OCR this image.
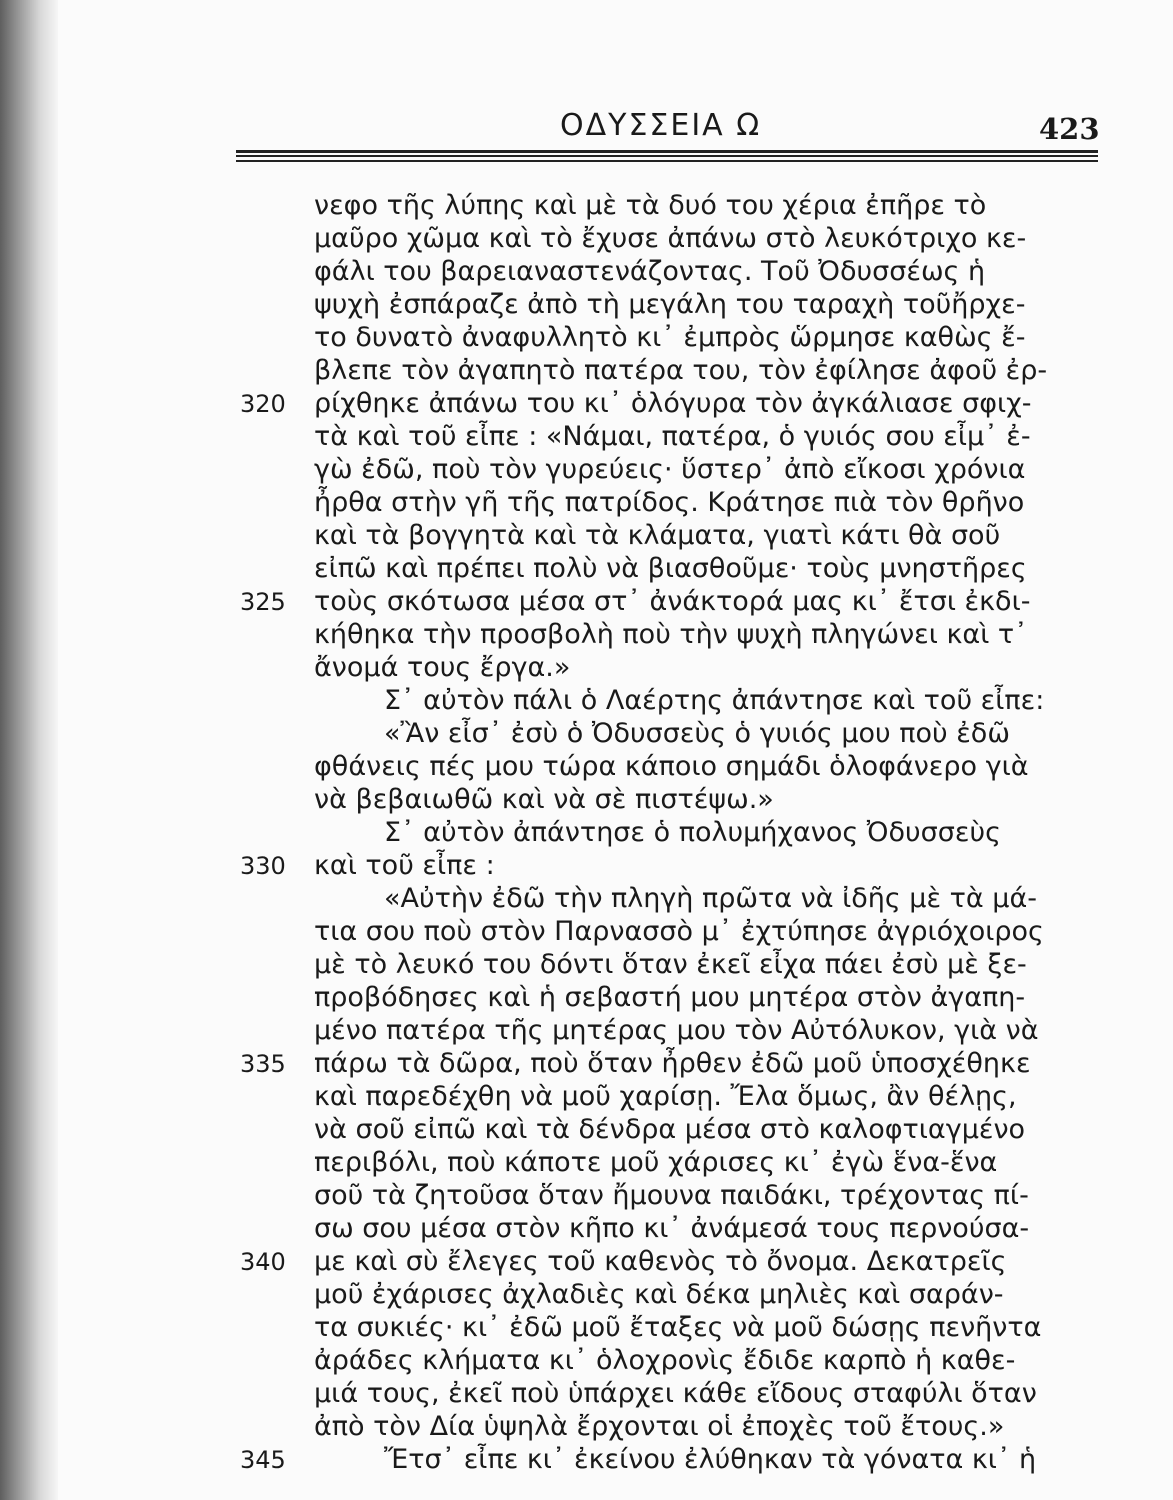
ΟΔΥΣΣΕΙΑ Ω	423
νεφο τῆς λύπης καὶ μὲ τὰ δυό του χέρια ἐπῆρε τὸ
μαῦρο χῶμα καὶ τὸ ἔχυσε ἀπάνω στὸ λευκότριχο κε-
φάλι του βαρειαναστενάζοντας. Τοῦ Ὀδυσσέως ἡ
ψυχὴ ἐσπάραζε ἀπὸ τὴ μεγάλη του ταραχὴ τοῦἤρχε-
το δυνατὸ ἀναφυλλητὸ κι᾽ ἐμπρὸς ὥρμησε καθὼς ἔ-
βλεπε τὸν ἀγαπητὸ πατέρα του, τὸν ἐφίλησε ἀφοῦ ἐρ-
ρίχθηκε ἀπάνω του κι᾽ ὁλόγυρα τὸν ἀγκάλιασε σφιχ-
τὰ καὶ τοῦ εἶπε : «Νάμαι, πατέρα, ὁ γυιός σου εἶμ᾽ ἐ-
γὼ ἐδῶ, ποὺ τὸν γυρεύεις· ὕστερ᾽ ἀπὸ εἴκοσι χρόνια
ἦρθα στὴν γῆ τῆς πατρίδος. Κράτησε πιὰ τὸν θρῆνο
καὶ τὰ βογγητὰ καὶ τὰ κλάματα, γιατὶ κάτι θὰ σοῦ
εἰπῶ καὶ πρέπει πολὺ νὰ βιασθοῦμε· τοὺς μνηστῆρες
τοὺς σκότωσα μέσα στ᾽ ἀνάκτορά μας κι᾽ ἔτσι ἐκδι-
κήθηκα τὴν προσβολὴ ποὺ τὴν ψυχὴ πληγώνει καὶ τ᾽
ἄνομά τους ἔργα.»
Σ᾽ αὐτὸν πάλι ὁ Λαέρτης ἀπάντησε καὶ τοῦ εἶπε:
«Ἂν εἶσ᾽ ἐσὺ ὁ Ὀδυσσεὺς ὁ γυιός μου ποὺ ἐδῶ
φθάνεις πές μου τώρα κάποιο σημάδι ὁλοφάνερο γιὰ
νὰ βεβαιωθῶ καὶ νὰ σὲ πιστέψω.»
Σ᾽ αὐτὸν ἀπάντησε ὁ πολυμήχανος Ὀδυσσεὺς
καὶ τοῦ εἶπε :
«Αὐτὴν ἐδῶ τὴν πληγὴ πρῶτα νὰ ἰδῆς μὲ τὰ μά-
τια σου ποὺ στὸν Παρνασσὸ μ᾽ ἐχτύπησε ἀγριόχοιρος
μὲ τὸ λευκό του δόντι ὅταν ἐκεῖ εἶχα πάει ἐσὺ μὲ ξε-
προβόδησες καὶ ἡ σεβαστή μου μητέρα στὸν ἀγαπη-
μένο πατέρα τῆς μητέρας μου τὸν Αὐτόλυκον, γιὰ νὰ
πάρω τὰ δῶρα, ποὺ ὅταν ἦρθεν ἐδῶ μοῦ ὑποσχέθηκε
καὶ παρεδέχθη νὰ μοῦ χαρίσῃ. Ἔλα ὅμως, ἂν θέλῃς,
νὰ σοῦ εἰπῶ καὶ τὰ δένδρα μέσα στὸ καλοφτιαγμένο
περιβόλι, ποὺ κάποτε μοῦ χάρισες κι᾽ ἐγὼ ἕνα-ἕνα
σοῦ τὰ ζητοῦσα ὅταν ἤμουνα παιδάκι, τρέχοντας πί-
σω σου μέσα στὸν κῆπο κι᾽ ἀνάμεσά τους περνούσα-
με καὶ σὺ ἔλεγες τοῦ καθενὸς τὸ ὄνομα. Δεκατρεῖς
μοῦ ἐχάρισες ἀχλαδιὲς καὶ δέκα μηλιὲς καὶ σαράν-
τα συκιές· κι᾽ ἐδῶ μοῦ ἔταξες νὰ μοῦ δώσῃς πενῆντα
ἀράδες κλήματα κι᾽ ὁλοχρονὶς ἔδιδε καρπὸ ἡ καθε-
μιά τους, ἐκεῖ ποὺ ὑπάρχει κάθε εἴδους σταφύλι ὅταν
ἀπὸ τὸν Δία ὑψηλὰ ἔρχονται οἱ ἐποχὲς τοῦ ἔτους.»
Ἔτσ᾽ εἶπε κι᾽ ἐκείνου ἐλύθηκαν τὰ γόνατα κι᾽ ἡ
320
325
330
335
340
345
